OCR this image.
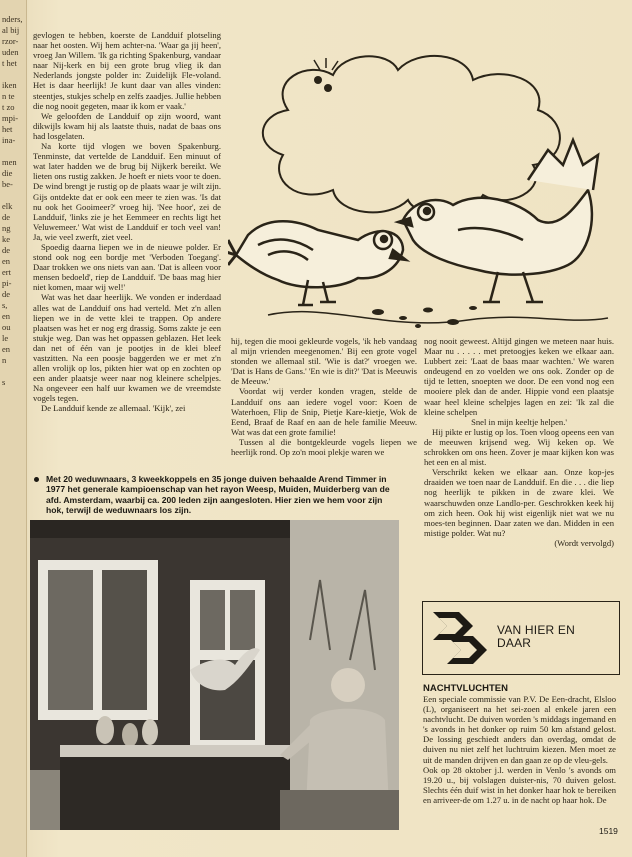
nders,
al bij
rzor-
uden
t het
iken
n te
t zo
mpi-
het
ina-
men
die
be-
elk
de
ng
ke
de
en
ert
pi-
de
s,
en
ou
le
en
n
s

gevlogen te hebben, koerste de Landduif plotseling naar het oosten. Wij hem achter-na. 'Waar ga jij heen', vroeg Jan Willem. 'Ik ga richting Spakenburg, vandaar naar Nij-kerk en bij een grote brug vlieg ik dan Nederlands jongste polder in: Zuidelijk Fle-voland. Het is daar heerlijk! Je kunt daar van alles vinden: steentjes, stukjes schelp en zelfs zaadjes. Jullie hebben die nog nooit gegeten, maar ik kom er vaak.'

We geloofden de Landduif op zijn woord, want dikwijls kwam hij als laatste thuis, nadat de baas ons had losgelaten.

Na korte tijd vlogen we boven Spakenburg. Tenminste, dat vertelde de Landduif. Een minuut of wat later hadden we de brug bij Nijkerk bereikt. We lieten ons rustig zakken. Je hoeft er niets voor te doen. De wind brengt je rustig op de plaats waar je wilt zijn. Gijs ontdekte dat er ook een meer te zien was. 'Is dat nu ook het Gooimeer?' vroeg hij. 'Nee hoor', zei de Landduif, 'links zie je het Eemmeer en rechts ligt het Veluwemeer.' Wat wist de Landduif er toch veel van! Ja, wie veel zwerft, ziet veel.

Spoedig daarna liepen we in de nieuwe polder. Er stond ook nog een bordje met 'Verboden Toegang'. Daar trokken we ons niets van aan. 'Dat is alleen voor mensen bedoeld', riep de Landduif. 'De baas mag hier niet komen, maar wij wel!'

Wat was het daar heerlijk. We vonden er inderdaad alles wat de Landduif ons had verteld. Met z'n allen liepen we in de vette klei te trappen. Op andere plaatsen was het er nog erg drassig. Soms zakte je een stukje weg. Dan was het oppassen geblazen. Het leek dan net of één van je pootjes in de klei bleef vastzitten. Na een poosje baggerden we er met z'n allen vrolijk op los, pikten hier wat op en zochten op een ander plaatsje weer naar nog kleinere schelpjes. Na ongeveer een half uur kwamen we de vreemdste vogels tegen.

De Landduif kende ze allemaal. 'Kijk', zei

hij, tegen die mooi gekleurde vogels, 'ik heb vandaag al mijn vrienden meegenomen.' Bij een grote vogel stonden we allemaal stil. 'Wie is dat?' vroegen we. 'Dat is Hans de Gans.' 'En wie is dit?' 'Dat is Meeuwis de Meeuw.'

Voordat wij verder konden vragen, stelde de Landduif ons aan iedere vogel voor: Koen de Waterhoen, Flip de Snip, Pietje Kare-kietje, Wok de Eend, Braaf de Raaf en aan de hele familie Meeuw. Wat was dat een grote familie!

Tussen al die bontgekleurde vogels liepen we heerlijk rond. Op zo'n mooi plekje waren we

nog nooit geweest. Altijd gingen we meteen naar huis. Maar nu . . . . . met pretoogjes keken we elkaar aan. Lubbert zei: 'Laat de baas maar wachten.' We waren ondeugend en zo voelden we ons ook. Zonder op de tijd te letten, snoepten we door. De een vond nog een mooiere plek dan de ander. Hippie vond een plaatsje waar heel kleine schelpjes lagen en zei: 'Ik zal die kleine schelpen

Snel in mijn keeltje helpen.'

Hij pikte er lustig op los. Toen vloog opeens een van de meeuwen krijsend weg. Wij keken op. We schrokken om ons heen. Zover je maar kijken kon was het een en al mist.

Verschrikt keken we elkaar aan. Onze kop-jes draaiden we toen naar de Landduif. En die . . . die liep nog heerlijk te pikken in de zware klei. We waarschuwden onze Landlo-per. Geschrokken keek hij om zich heen. Ook hij wist eigenlijk niet wat we nu moes-ten beginnen. Daar zaten we dan. Midden in een mistige polder. Wat nu?

(Wordt vervolgd)

Met 20 weduwnaars, 3 kweekkoppels en 35 jonge duiven behaalde Arend Timmer in 1977 het generale kampioenschap van het rayon Weesp, Muiden, Muiderberg van de afd. Amsterdam, waarbij ca. 200 leden zijn aangesloten. Hier zien we hem voor zijn hok, terwijl de weduwnaars los zijn.
VAN HIER EN
DAAR
NACHTVLUCHTEN

Een speciale commissie van P.V. De Een-dracht, Elsloo (L), organiseert na het sei-zoen al enkele jaren een nachtvlucht. De duiven worden 's middags ingemand en 's avonds in het donker op ruim 50 km afstand gelost. De lossing geschiedt anders dan overdag, omdat de duiven nu niet zelf het luchtruim kiezen. Men moet ze uit de manden drijven en dan gaan ze op de vleu-gels.

Ook op 28 oktober j.l. werden in Venlo 's avonds om 19.20 u., bij volslagen duister-nis, 70 duiven gelost. Slechts één duif wist in het donker haar hok te bereiken en arriveer-de om 1.27 u. in de nacht op haar hok. De

1519
